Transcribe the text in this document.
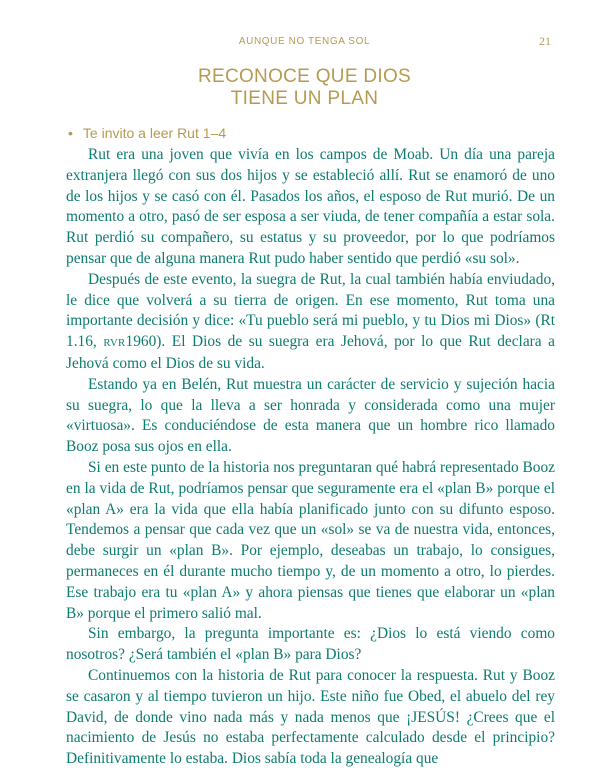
AUNQUE NO TENGA SOL	21
RECONOCE QUE DIOS
TIENE UN PLAN
• Te invito a leer Rut 1–4

Rut era una joven que vivía en los campos de Moab. Un día una pareja extranjera llegó con sus dos hijos y se estableció allí. Rut se enamoró de uno de los hijos y se casó con él. Pasados los años, el esposo de Rut murió. De un momento a otro, pasó de ser esposa a ser viuda, de tener compañía a estar sola. Rut perdió su compañero, su estatus y su proveedor, por lo que podríamos pensar que de alguna manera Rut pudo haber sentido que perdió «su sol».

Después de este evento, la suegra de Rut, la cual también había enviudado, le dice que volverá a su tierra de origen. En ese momento, Rut toma una importante decisión y dice: «Tu pueblo será mi pueblo, y tu Dios mi Dios» (Rt 1.16, RVR1960). El Dios de su suegra era Jehová, por lo que Rut declara a Jehová como el Dios de su vida.

Estando ya en Belén, Rut muestra un carácter de servicio y sujeción hacia su suegra, lo que la lleva a ser honrada y considerada como una mujer «virtuosa». Es conduciéndose de esta manera que un hombre rico llamado Booz posa sus ojos en ella.

Si en este punto de la historia nos preguntaran qué habrá representado Booz en la vida de Rut, podríamos pensar que seguramente era el «plan B» porque el «plan A» era la vida que ella había planificado junto con su difunto esposo. Tendemos a pensar que cada vez que un «sol» se va de nuestra vida, entonces, debe surgir un «plan B». Por ejemplo, deseabas un trabajo, lo consigues, permaneces en él durante mucho tiempo y, de un momento a otro, lo pierdes. Ese trabajo era tu «plan A» y ahora piensas que tienes que elaborar un «plan B» porque el primero salió mal.

Sin embargo, la pregunta importante es: ¿Dios lo está viendo como nosotros? ¿Será también el «plan B» para Dios?

Continuemos con la historia de Rut para conocer la respuesta. Rut y Booz se casaron y al tiempo tuvieron un hijo. Este niño fue Obed, el abuelo del rey David, de donde vino nada más y nada menos que ¡JESÚS! ¿Crees que el nacimiento de Jesús no estaba perfectamente calculado desde el principio? Definitivamente lo estaba. Dios sabía toda la genealogía que
